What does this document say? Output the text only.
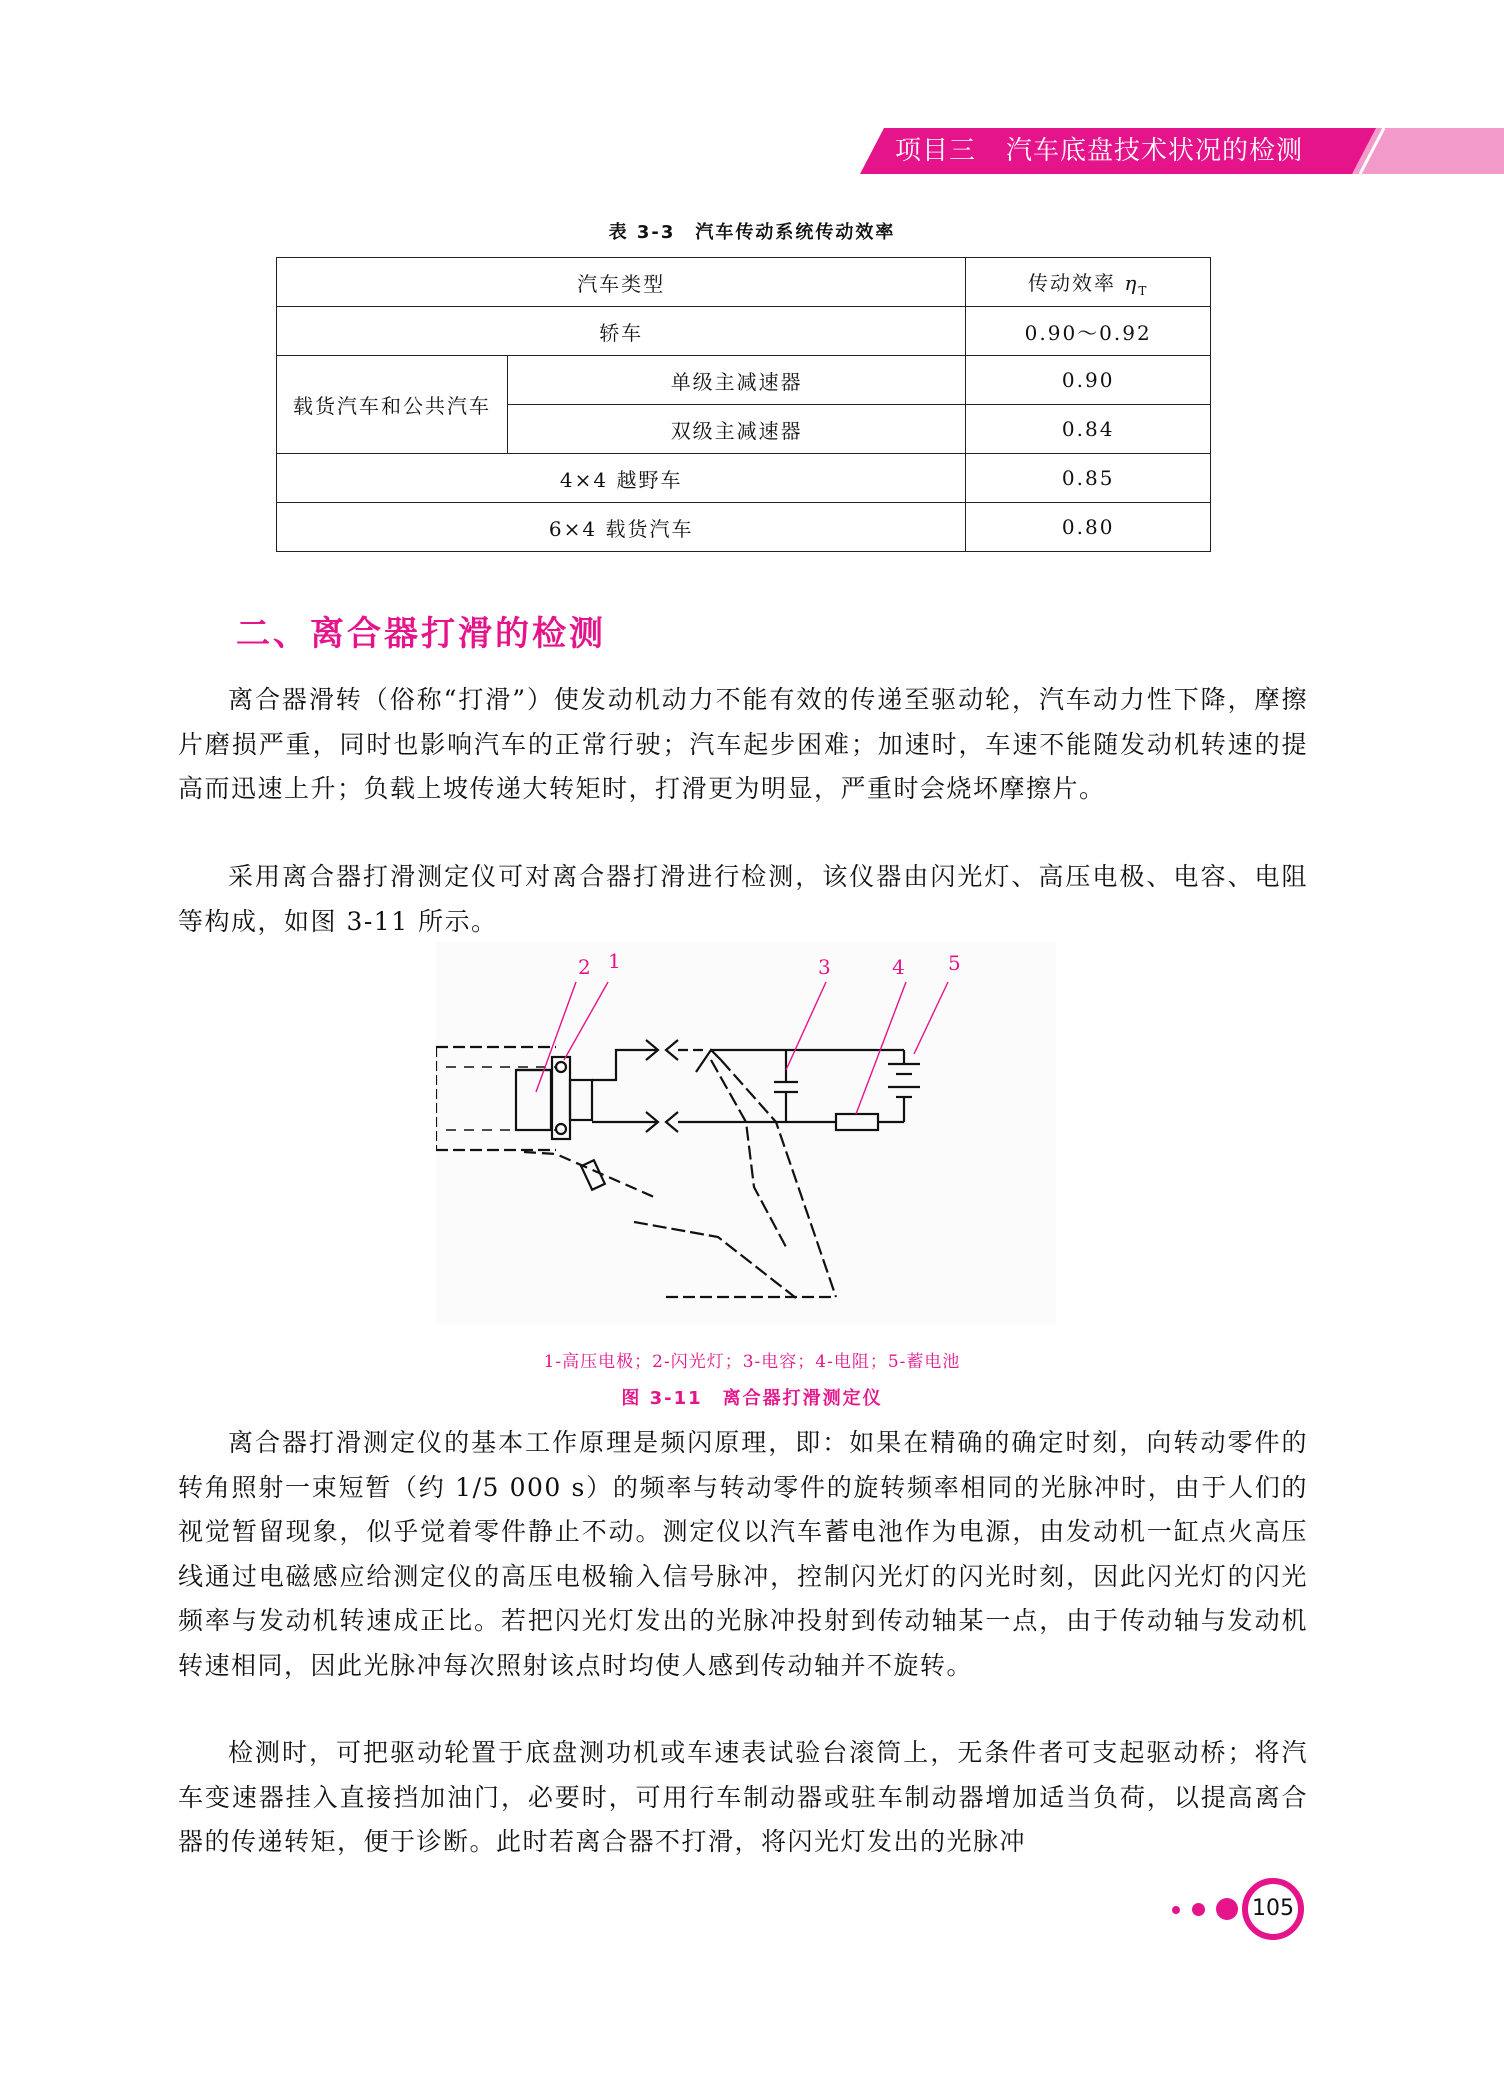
项目三 汽车底盘技术状况的检测
表 3-3　汽车传动系统传动效率
汽车类型		传动效率 $\eta_T$
轿车		0.90～0.92
载货汽车和公共汽车	单级主减速器	0.90
	双级主减速器	0.84
4×4 越野车		0.85
6×4 载货汽车		0.80
二、离合器打滑的检测

离合器滑转（俗称“打滑”）使发动机动力不能有效的传递至驱动轮，汽车动力性下降，摩擦片磨损严重，同时也影响汽车的正常行驶；汽车起步困难；加速时，车速不能随发动机转速的提高而迅速上升；负载上坡传递大转矩时，打滑更为明显，严重时会烧坏摩擦片。

采用离合器打滑测定仪可对离合器打滑进行检测，该仪器由闪光灯、高压电极、电容、电阻等构成，如图 3-11 所示。

2 1	3	4 5
1-高压电极；2-闪光灯；3-电容；4-电阻；5-蓄电池
图 3-11　离合器打滑测定仪

离合器打滑测定仪的基本工作原理是频闪原理，即：如果在精确的确定时刻，向转动零件的转角照射一束短暂（约 1/5 000 s）的频率与转动零件的旋转频率相同的光脉冲时，由于人们的视觉暂留现象，似乎觉着零件静止不动。测定仪以汽车蓄电池作为电源，由发动机一缸点火高压线通过电磁感应给测定仪的高压电极输入信号脉冲，控制闪光灯的闪光时刻，因此闪光灯的闪光频率与发动机转速成正比。若把闪光灯发出的光脉冲投射到传动轴某一点，由于传动轴与发动机转速相同，因此光脉冲每次照射该点时均使人感到传动轴并不旋转。

检测时，可把驱动轮置于底盘测功机或车速表试验台滚筒上，无条件者可支起驱动桥；将汽车变速器挂入直接挡加油门，必要时，可用行车制动器或驻车制动器增加适当负荷，以提高离合器的传递转矩，便于诊断。此时若离合器不打滑，将闪光灯发出的光脉冲

105
